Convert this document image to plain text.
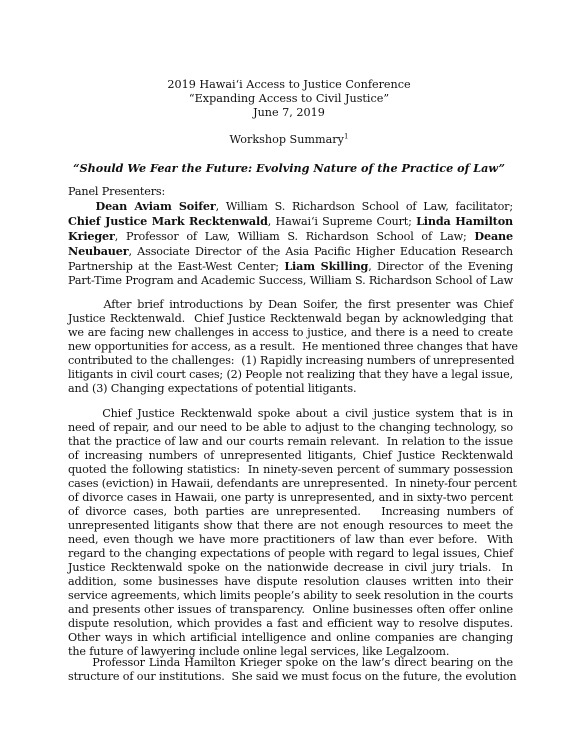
2019 Hawaiʻi Access to Justice Conference
“Expanding Access to Civil Justice”
June 7, 2019
Workshop Summary$^1$
“Should We Fear the Future: Evolving Nature of the Practice of Law”
Panel Presenters:
Dean Aviam Soifer, William S. Richardson School of Law, facilitator;
Chief Justice Mark Recktenwald, Hawaiʻi Supreme Court; Linda Hamilton
Krieger, Professor of Law, William S. Richardson School of Law; Deane
Neubauer, Associate Director of the Asia Pacific Higher Education Research
Partnership at the East-West Center; Liam Skilling, Director of the Evening
Part-Time Program and Academic Success, William S. Richardson School of Law
After brief introductions by Dean Soifer, the first presenter was Chief
Justice Recktenwald.  Chief Justice Recktenwald began by acknowledging that
we are facing new challenges in access to justice, and there is a need to create
new opportunities for access, as a result.  He mentioned three changes that have
contributed to the challenges:  (1) Rapidly increasing numbers of unrepresented
litigants in civil court cases; (2) People not realizing that they have a legal issue,
and (3) Changing expectations of potential litigants.
Chief Justice Recktenwald spoke about a civil justice system that is in
need of repair, and our need to be able to adjust to the changing technology, so
that the practice of law and our courts remain relevant.  In relation to the issue
of increasing numbers of unrepresented litigants, Chief Justice Recktenwald
quoted the following statistics:  In ninety-seven percent of summary possession
cases (eviction) in Hawaii, defendants are unrepresented.  In ninety-four percent
of divorce cases in Hawaii, one party is unrepresented, and in sixty-two percent
of divorce cases, both parties are unrepresented.   Increasing numbers of
unrepresented litigants show that there are not enough resources to meet the
need, even though we have more practitioners of law than ever before.  With
regard to the changing expectations of people with regard to legal issues, Chief
Justice Recktenwald spoke on the nationwide decrease in civil jury trials.  In
addition, some businesses have dispute resolution clauses written into their
service agreements, which limits people’s ability to seek resolution in the courts
and presents other issues of transparency.  Online businesses often offer online
dispute resolution, which provides a fast and efficient way to resolve disputes.
Other ways in which artificial intelligence and online companies are changing
the future of lawyering include online legal services, like Legalzoom.
Professor Linda Hamilton Krieger spoke on the law’s direct bearing on the
structure of our institutions.  She said we must focus on the future, the evolution
